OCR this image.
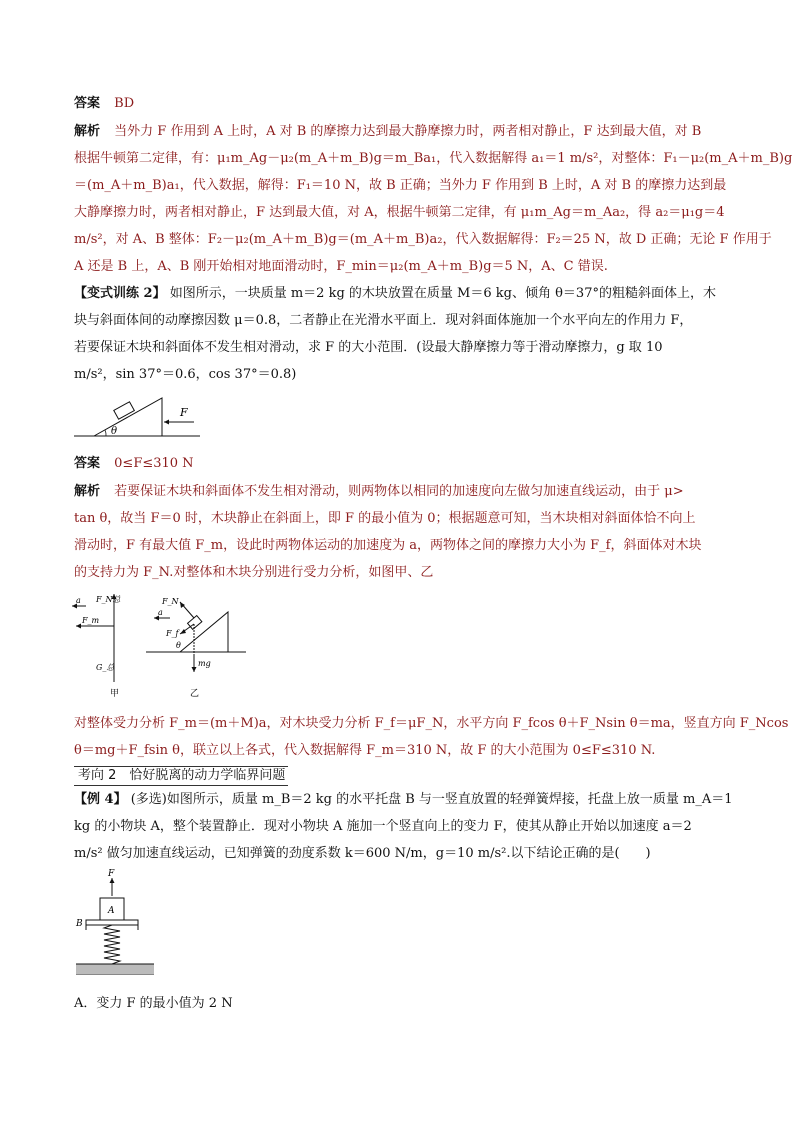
答案 BD
解析 当外力 F 作用到 A 上时，A 对 B 的摩擦力达到最大静摩擦力时，两者相对静止，F 达到最大值，对 B
根据牛顿第二定律，有：μ₁m_Ag－μ₂(m_A＋m_B)g＝m_Ba₁，代入数据解得 a₁＝1 m/s²，对整体：F₁－μ₂(m_A＋m_B)g
＝(m_A＋m_B)a₁，代入数据，解得：F₁＝10 N，故 B 正确；当外力 F 作用到 B 上时，A 对 B 的摩擦力达到最
大静摩擦力时，两者相对静止，F 达到最大值，对 A，根据牛顿第二定律，有 μ₁m_Ag＝m_Aa₂，得 a₂＝μ₁g＝4
m/s²，对 A、B 整体：F₂－μ₂(m_A＋m_B)g＝(m_A＋m_B)a₂，代入数据解得：F₂＝25 N，故 D 正确；无论 F 作用于
A 还是 B 上，A、B 刚开始相对地面滑动时，F_min＝μ₂(m_A＋m_B)g＝5 N，A、C 错误.
【变式训练 2】 如图所示，一块质量 m＝2 kg 的木块放置在质量 M＝6 kg、倾角 θ＝37°的粗糙斜面体上，木
块与斜面体间的动摩擦因数 μ＝0.8，二者静止在光滑水平面上．现对斜面体施加一个水平向左的作用力 F，
若要保证木块和斜面体不发生相对滑动，求 F 的大小范围．(设最大静摩擦力等于滑动摩擦力，g 取 10
m/s²，sin 37°＝0.6，cos 37°＝0.8)
F
θ
答案 0≤F≤310 N
解析 若要保证木块和斜面体不发生相对滑动，则两物体以相同的加速度向左做匀加速直线运动，由于 μ>
tan θ，故当 F＝0 时，木块静止在斜面上，即 F 的最小值为 0；根据题意可知，当木块相对斜面体恰不向上
滑动时，F 有最大值 F_m，设此时两物体运动的加速度为 a，两物体之间的摩擦力大小为 F_f，斜面体对木块
的支持力为 F_N.对整体和木块分别进行受力分析，如图甲、乙
F_N总
a
F_m
G_总
甲
F_N
a
F_f
mg
θ
乙
对整体受力分析 F_m＝(m＋M)a，对木块受力分析 F_f＝μF_N，水平方向 F_fcos θ＋F_Nsin θ＝ma，竖直方向 F_Ncos
θ＝mg＋F_fsin θ，联立以上各式，代入数据解得 F_m＝310 N，故 F 的大小范围为 0≤F≤310 N.
考向 2　恰好脱离的动力学临界问题
【例 4】 (多选)如图所示，质量 m_B＝2 kg 的水平托盘 B 与一竖直放置的轻弹簧焊接，托盘上放一质量 m_A＝1
kg 的小物块 A，整个装置静止．现对小物块 A 施加一个竖直向上的变力 F，使其从静止开始以加速度 a＝2
m/s² 做匀加速直线运动，已知弹簧的劲度系数 k＝600 N/m，g＝10 m/s².以下结论正确的是(　　)
F
A
B
A．变力 F 的最小值为 2 N
